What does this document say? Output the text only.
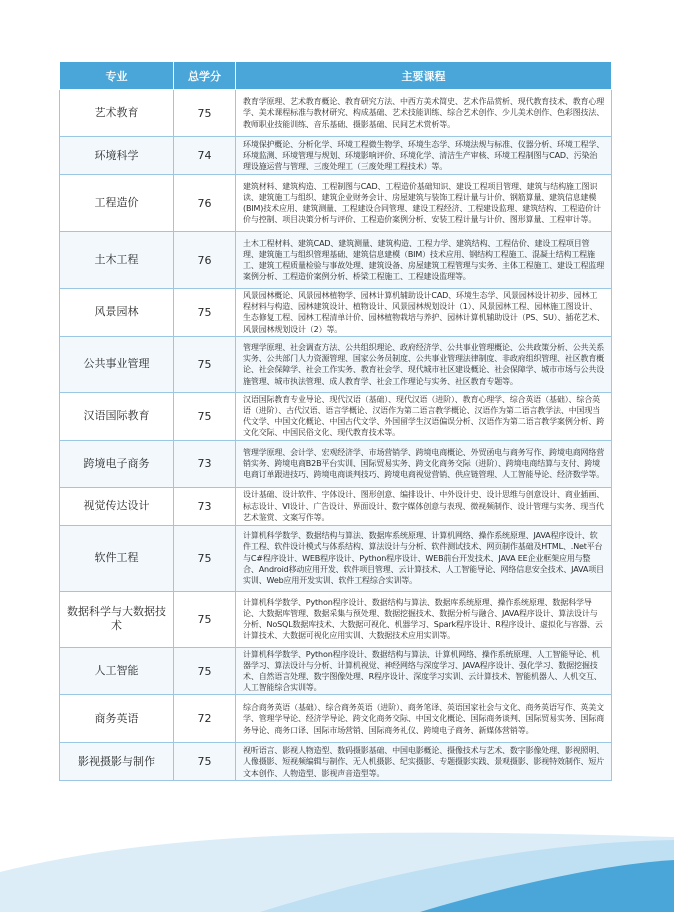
专业	总学分	主要课程
艺术教育	75	教育学原理、艺术教育概论、教育研究方法、中西方美术简史、艺术作品赏析、现代教育技术、教育心理学、美术课程标准与教材研究、构成基础、艺术技能训练、综合艺术创作、少儿美术创作、色彩图技法、教师职业技能训练、音乐基础、摄影基础、民间艺术赏析等。
环境科学	74	环境保护概论、分析化学、环境工程微生物学、环境生态学、环境法规与标准、仪器分析、环境工程学、环境监测、环境管理与规划、环境影响评价、环境化学、清洁生产审核、环境工程制图与CAD、污染治理设施运营与管理、三废处理工（三废处理工程技术）等。
工程造价	76	建筑材料、建筑构造、工程制图与CAD、工程造价基础知识、建设工程项目管理、建筑与结构施工图识读、建筑施工与组织、建筑企业财务会计、房屋建筑与装饰工程计量与计价、钢筋算量、建筑信息建模(BIM)技术应用、建筑测量、工程建设合同管理、建设工程经济、工程建设监理、建筑结构、工程造价计价与控制、项目决策分析与评价、工程造价案例分析、安装工程计量与计价、图形算量、工程审计等。
土木工程	76	土木工程材料、建筑CAD、建筑测量、建筑构造、工程力学、建筑结构、工程估价、建设工程项目管理、建筑施工与组织管理基础、建筑信息建模（BIM）技术应用、钢结构工程施工、混凝土结构工程施工、建筑工程质量检验与事故处理、建筑设备、房屋建筑工程管理与实务、主体工程施工、建设工程监理案例分析、工程造价案例分析、桥梁工程施工、工程建设监理等。
风景园林	75	风景园林概论、风景园林植物学、园林计算机辅助设计CAD、环境生态学、风景园林设计初步、园林工程材料与构造、园林建筑设计、植物设计、风景园林规划设计（1）、风景园林工程、园林施工图设计、生态修复工程、园林工程清单计价、园林植物栽培与养护、园林计算机辅助设计（PS、SU）、插花艺术、风景园林规划设计（2）等。
公共事业管理	75	管理学原理、社会调查方法、公共组织理论、政府经济学、公共事业管理概论、公共政策分析、公共关系实务、公共部门人力资源管理、国家公务员制度、公共事业管理法律制度、非政府组织管理、社区教育概论、社会保障学、社会工作实务、教育社会学、现代城市社区建设概论、社会保障学、城市市场与公共设施管理、城市执法管理、成人教育学、社会工作理论与实务、社区教育专题等。
汉语国际教育	75	汉语国际教育专业导论、现代汉语（基础）、现代汉语（进阶）、教育心理学、综合英语（基础）、综合英语（进阶）、古代汉语、语言学概论、汉语作为第二语言教学概论、汉语作为第二语言教学法、中国现当代文学、中国文化概论、中国古代文学、外国留学生汉语偏误分析、汉语作为第二语言教学案例分析、跨文化交际、中国民俗文化、现代教育技术等。
跨境电子商务	73	管理学原理、会计学、宏观经济学、市场营销学、跨境电商概论、外贸函电与商务写作、跨境电商网络营销实务、跨境电商B2B平台实训、国际贸易实务、跨文化商务交际（进阶）、跨境电商结算与支付、跨境电商订单跟进技巧、跨境电商谈判技巧、跨境电商视觉营销、供应链管理、人工智能导论、经济数学等。
视觉传达设计	73	设计基础、设计软件、字体设计、图形创意、编排设计、中外设计史、设计思维与创意设计、商业插画、标志设计、VI设计、广告设计、界面设计、数字媒体创意与表现、微视频制作、设计管理与实务、现当代艺术鉴赏、文案写作等。
软件工程	75	计算机科学数学、数据结构与算法、数据库系统原理、计算机网络、操作系统原理、JAVA程序设计、软件工程、软件设计模式与体系结构、算法设计与分析、软件测试技术、网页制作基础及HTML、.Net平台与C#程序设计、WEB程序设计、Python程序设计、WEB前台开发技术、JAVA EE企业框架应用与整合、Android移动应用开发、软件项目管理、云计算技术、人工智能导论、网络信息安全技术、JAVA项目实训、Web应用开发实训、软件工程综合实训等。
数据科学与大数据技术	75	计算机科学数学、Python程序设计、数据结构与算法、数据库系统原理、操作系统原理、数据科学导论、大数据库管理、数据采集与预处理、数据挖掘技术、数据分析与融合、JAVA程序设计、算法设计与分析、NoSQL数据库技术、大数据可视化、机器学习、Spark程序设计、R程序设计、虚拟化与容器、云计算技术、大数据可视化应用实训、大数据技术应用实训等。
人工智能	75	计算机科学数学、Python程序设计、数据结构与算法、计算机网络、操作系统原理、人工智能导论、机器学习、算法设计与分析、计算机视觉、神经网络与深度学习、JAVA程序设计、强化学习、数据挖掘技术、自然语言处理、数字图像处理、R程序设计、深度学习实训、云计算技术、智能机器人、人机交互、人工智能综合实训等。
商务英语	72	综合商务英语（基础）、综合商务英语（进阶）、商务笔译、英语国家社会与文化、商务英语写作、英美文学、管理学导论、经济学导论、跨文化商务交际、中国文化概论、国际商务谈判、国际贸易实务、国际商务导论、商务口译、国际市场营销、国际商务礼仪、跨境电子商务、新媒体营销等。
影视摄影与制作	75	视听语言、影视人物造型、数码摄影基础、中国电影概论、摄像技术与艺术、数字影像处理、影视照明、人像摄影、短视频编辑与制作、无人机摄影、纪实摄影、专题摄影实践、景观摄影、影视特效制作、短片文本创作、人物造型、影视声音造型等。
